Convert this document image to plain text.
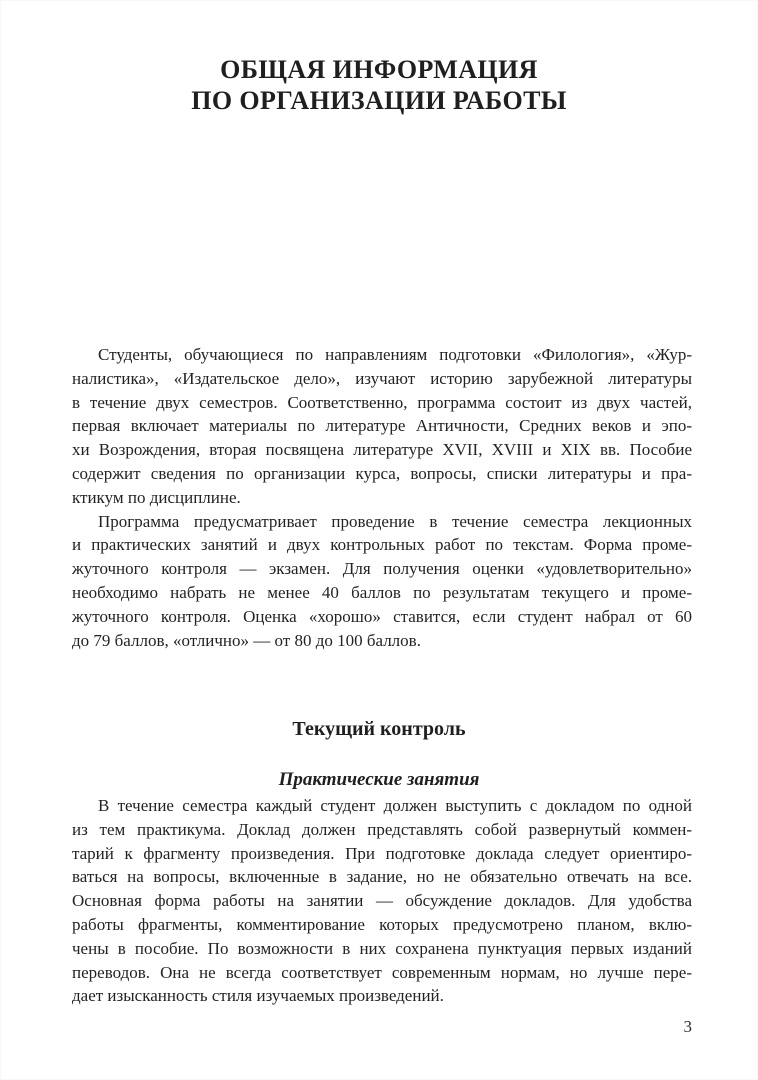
ОБЩАЯ ИНФОРМАЦИЯ
ПО ОРГАНИЗАЦИИ РАБОТЫ
Студенты, обучающиеся по направлениям подготовки «Филология», «Жур-
налистика», «Издательское дело», изучают историю зарубежной литературы
в течение двух семестров. Соответственно, программа состоит из двух частей,
первая включает материалы по литературе Античности, Средних веков и эпо-
хи Возрождения, вторая посвящена литературе XVII, XVIII и XIX вв. Пособие
содержит сведения по организации курса, вопросы, списки литературы и пра-
ктикум по дисциплине.
Программа предусматривает проведение в течение семестра лекционных
и практических занятий и двух контрольных работ по текстам. Форма проме-
жуточного контроля — экзамен. Для получения оценки «удовлетворительно»
необходимо набрать не менее 40 баллов по результатам текущего и проме-
жуточного контроля. Оценка «хорошо» ставится, если студент набрал от 60
до 79 баллов, «отлично» — от 80 до 100 баллов.
Текущий контроль
Практические занятия
В течение семестра каждый студент должен выступить с докладом по одной
из тем практикума. Доклад должен представлять собой развернутый коммен-
тарий к фрагменту произведения. При подготовке доклада следует ориентиро-
ваться на вопросы, включенные в задание, но не обязательно отвечать на все.
Основная форма работы на занятии — обсуждение докладов. Для удобства
работы фрагменты, комментирование которых предусмотрено планом, вклю-
чены в пособие. По возможности в них сохранена пунктуация первых изданий
переводов. Она не всегда соответствует современным нормам, но лучше пере-
дает изысканность стиля изучаемых произведений.
3
